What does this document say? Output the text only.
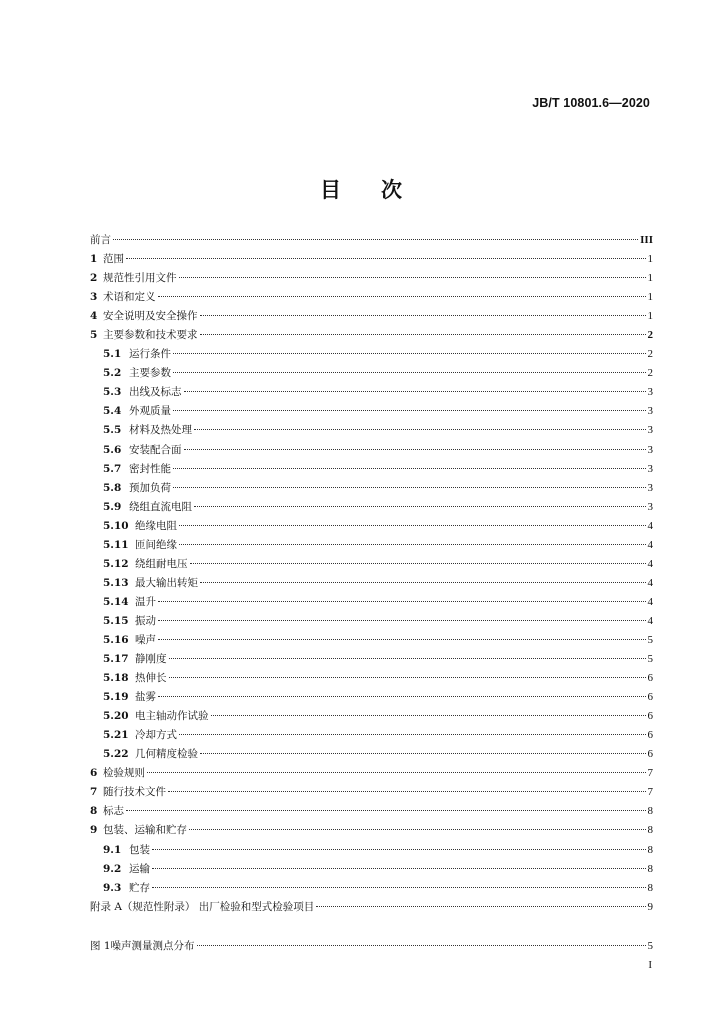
JB/T 10801.6—2020
目 次
前言	III
1 范围	1
2 规范性引用文件	1
3 术语和定义	1
4 安全说明及安全操作	1
5 主要参数和技术要求	2
5.1 运行条件	2
5.2 主要参数	2
5.3 出线及标志	3
5.4 外观质量	3
5.5 材料及热处理	3
5.6 安装配合面	3
5.7 密封性能	3
5.8 预加负荷	3
5.9 绕组直流电阻	3
5.10 绝缘电阻	4
5.11 匝间绝缘	4
5.12 绕组耐电压	4
5.13 最大输出转矩	4
5.14 温升	4
5.15 振动	4
5.16 噪声	5
5.17 静刚度	5
5.18 热伸长	6
5.19 盐雾	6
5.20 电主轴动作试验	6
5.21 冷却方式	6
5.22 几何精度检验	6
6 检验规则	7
7 随行技术文件	7
8 标志	8
9 包装、运输和贮存	8
9.1 包装	8
9.2 运输	8
9.3 贮存	8
附录 A （规范性附录） 出厂检验和型式检验项目	9
图 1 噪声测量测点分布	5
I
